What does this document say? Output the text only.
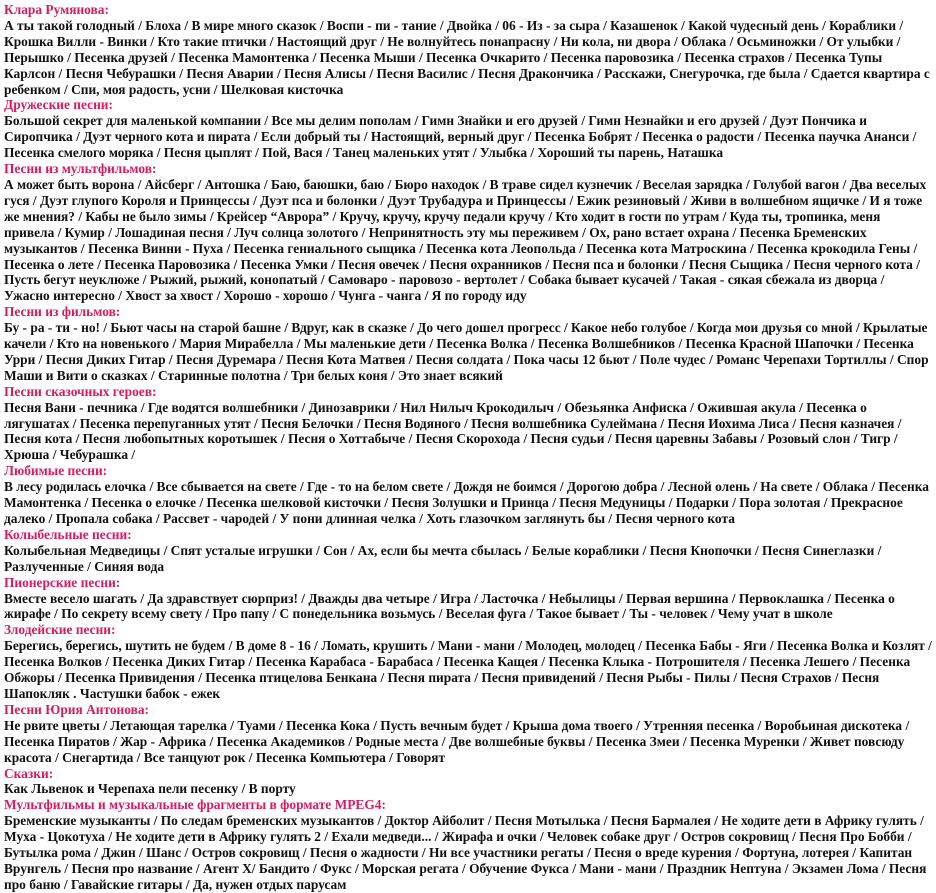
Клара Румянова:
А ты такой голодный / Блоха / В мире много сказок / Воспи - пи - тание / Двойка / 06 - Из - за сыра / Казашенок / Какой чудесный день / Кораблики / Крошка Вилли - Винки / Кто такие птички / Настоящий друг / Не волнуйтесь понапрасну / Ни кола, ни двора / Облака / Осьминожки / От улыбки / Перышко / Песенка друзей / Песенка Мамонтенка / Песенка Мыши / Песенка Очкарито / Песенка паровозика / Песенка страхов / Песенка Тупы Карлсон / Песня Чебурашки / Песня Аварии / Песня Алисы / Песня Василис / Песня Дракончика / Расскажи, Снегурочка, где была / Сдается квартира с ребенком / Спи, моя радость, усни / Шелковая кисточка
Дружеские песни:
Большой секрет для маленькой компании / Все мы делим пополам / Гимн Знайки и его друзей / Гимн Незнайки и его друзей / Дуэт Пончика и Сиропчика / Дуэт черного кота и пирата / Если добрый ты / Настоящий, верный друг / Песенка Бобрят / Песенка о радости / Песенка паучка Ананси / Песенка смелого моряка / Песня цыплят / Пой, Вася / Танец маленьких утят / Улыбка / Хороший ты парень, Наташка
Песни из мультфильмов:
А может быть ворона / Айсберг / Антошка / Баю, баюшки, баю / Бюро находок / В траве сидел кузнечик / Веселая зарядка / Голубой вагон / Два веселых гуся / Дуэт глупого Короля и Принцессы / Дуэт пса и болонки / Дуэт Трубадура и Принцессы / Ежик резиновый / Живи в волшебном ящичке / И я тоже же мнения? / Кабы не было зимы / Крейсер “Аврора” / Кручу, кручу, кручу педали кручу / Кто ходит в гости по утрам / Куда ты, тропинка, меня привела / Кумир / Лошадиная песня / Луч солнца золотого / Непринятность эту мы переживем / Ох, рано встает охрана / Песенка Бременских музыкантов / Песенка Винни - Пуха / Песенка гениального сыщика / Песенка кота Леопольда / Песенка кота Матроскина / Песенка крокодила Гены / Песенка о лете / Песенка Паровозика / Песенка Умки / Песня овечек / Песня охранников / Песня пса и болонки / Песня Сыщика / Песня черного кота / Пусть бегут неуклюже / Рыжий, рыжий, конопатый / Самоваро - паровозо - вертолет / Собака бывает кусачей / Такая - сякая сбежала из дворца / Ужасно интересно / Хвост за хвост / Хорошо - хорошо / Чунга - чанга / Я по городу иду
Песни из фильмов:
Бу - ра - ти - но! / Бьют часы на старой башне / Вдруг, как в сказке / До чего дошел прогресс / Какое небо голубое / Когда мои друзья со мной / Крылатые качели / Кто на новенького / Мария Мирабелла / Мы маленькие дети / Песенка Волка / Песенка Волшебников / Песенка Красной Шапочки / Песенка Урри / Песня Диких Гитар / Песня Дуремара / Песня Кота Матвея / Песня солдата / Пока часы 12 бьют / Поле чудес / Романс Черепахи Тортиллы / Спор Маши и Вити о сказках / Старинные полотна / Три белых коня / Это знает всякий
Песни сказочных героев:
Песня Вани - печника / Где водятся волшебники / Динозаврики / Нил Нилыч Крокодилыч / Обезьянка Анфиска / Ожившая акула / Песенка о лягушатах / Песенка перепуганных утят / Песня Белочки / Песня Водяного / Песня волшебника Сулеймана / Песня Иохима Лиса / Песня казначея / Песня кота / Песня любопытных коротышек / Песня о Хоттабыче / Песня Скорохода / Песня судьи / Песня царевны Забавы / Розовый слон / Тигр / Хрюша / Чебурашка /
Любимые песни:
В лесу родилась елочка / Все сбывается на свете / Где - то на белом свете / Дождя не боимся / Дорогою добра / Лесной олень / На свете / Облака / Песенка Мамонтенка / Песенка о елочке / Песенка шелковой кисточки / Песня Золушки и Принца / Песня Медуницы / Подарки / Пора золотая / Прекрасное далеко / Пропала собака / Рассвет - чародей / У пони длинная челка / Хоть глазочком заглянуть бы / Песня черного кота
Колыбельные песни:
Колыбельная Медведицы / Спят усталые игрушки / Сон / Ах, если бы мечта сбылась / Белые кораблики / Песня Кнопочки / Песня Синеглазки / Разлученные / Синяя вода
Пионерские песни:
Вместе весело шагать / Да здравствует сюрприз! / Дважды два четыре / Игра / Ласточка / Небылицы / Первая вершина / Первоклашка / Песенка о жирафе / По секрету всему свету / Про папу / С понедельника возьмусь / Веселая фуга / Такое бывает / Ты - человек / Чему учат в школе
Злодейские песни:
Берегись, берегись, шутить не будем / В доме 8 - 16 / Ломать, крушить / Мани - мани / Молодец, молодец / Песенка Бабы - Яги / Песенка Волка и Козлят / Песенка Волков / Песенка Диких Гитар / Песенка Карабаса - Барабаса / Песенка Кащея / Песенка Клыка - Потрошителя / Песенка Лешего / Песенка Обжоры / Песенка Привидения / Песенка птицелова Бенкана / Песня пирата / Песня привидений / Песня Рыбы - Пилы / Песня Страхов / Песня Шапокляк . Частушки бабок - ежек
Песни Юрия Антонова:
Не рвите цветы / Летающая тарелка / Туами / Песенка Кока / Пусть вечным будет / Крыша дома твоего / Утренняя песенка / Воробьиная дискотека / Песенка Пиратов / Жар - Африка / Песенка Академиков / Родные места / Две волшебные буквы / Песенка Змеи / Песенка Муренки / Живет повсюду красота / Снегартида / Все танцуют рок / Песенка Компьютера / Говорят
Сказки:
Как Львенок и Черепаха пели песенку / В порту
Мультфильмы и музыкальные фрагменты в формате MPEG4:
Бременские музыканты / По следам бременских музыкантов / Доктор Айболит / Песня Мотылька / Песня Бармалея / Не ходите дети в Африку гулять / Муха - Цокотуха / Не ходите дети в Африку гулять 2 / Ехали медведи... / Жирафа и очки / Человек собаке друг / Остров сокровищ / Песня Про Бобби / Бутылка рома / Джин / Шанс / Остров сокровищ / Песня о жадности / Ни все участники регаты / Песня о вреде курения / Фортуна, лотерея / Капитан Врунгель / Песня про название / Агент Х/ Бандито / Фукс / Морская регата / Обучение Фукса / Мани - мани / Праздник Нептуна / Экзамен Лома / Песня про баню / Гавайские гитары / Да, нужен отдых парусам
